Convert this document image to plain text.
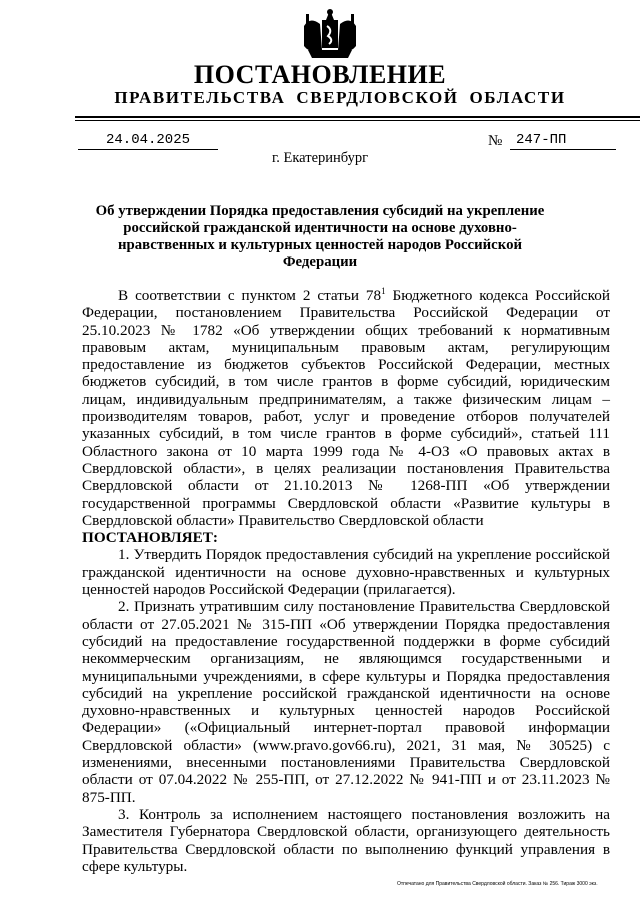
ПОСТАНОВЛЕНИЕ
ПРАВИТЕЛЬСТВА СВЕРДЛОВСКОЙ ОБЛАСТИ
24.04.2025	№ 247-ПП
г. Екатеринбург
Об утверждении Порядка предоставления субсидий на укрепление российской гражданской идентичности на основе духовно-нравственных и культурных ценностей народов Российской Федерации

В соответствии с пунктом 2 статьи $78^1$ Бюджетного кодекса Российской Федерации, постановлением Правительства Российской Федерации от 25.10.2023 № 1782 «Об утверждении общих требований к нормативным правовым актам, муниципальным правовым актам, регулирующим предоставление из бюджетов субъектов Российской Федерации, местных бюджетов субсидий, в том числе грантов в форме субсидий, юридическим лицам, индивидуальным предпринимателям, а также физическим лицам – производителям товаров, работ, услуг и проведение отборов получателей указанных субсидий, в том числе грантов в форме субсидий», статьей 111 Областного закона от 10 марта 1999 года № 4-ОЗ «О правовых актах в Свердловской области», в целях реализации постановления Правительства Свердловской области от 21.10.2013 № 1268-ПП «Об утверждении государственной программы Свердловской области «Развитие культуры в Свердловской области» Правительство Свердловской области

ПОСТАНОВЛЯЕТ:

1. Утвердить Порядок предоставления субсидий на укрепление российской гражданской идентичности на основе духовно-нравственных и культурных ценностей народов Российской Федерации (прилагается).

2. Признать утратившим силу постановление Правительства Свердловской области от 27.05.2021 № 315-ПП «Об утверждении Порядка предоставления субсидий на предоставление государственной поддержки в форме субсидий некоммерческим организациям, не являющимся государственными и муниципальными учреждениями, в сфере культуры и Порядка предоставления субсидий на укрепление российской гражданской идентичности на основе духовно-нравственных и культурных ценностей народов Российской Федерации» («Официальный интернет-портал правовой информации Свердловской области» (www.pravo.gov66.ru), 2021, 31 мая, № 30525) с изменениями, внесенными постановлениями Правительства Свердловской области от 07.04.2022 № 255-ПП, от 27.12.2022 № 941-ПП и от 23.11.2023 № 875-ПП.

3. Контроль за исполнением настоящего постановления возложить на Заместителя Губернатора Свердловской области, организующего деятельность Правительства Свердловской области по выполнению функций управления в сфере культуры.

Отпечатано для Правительства Свердловской области. Заказ № 256. Тираж 3000 экз.
